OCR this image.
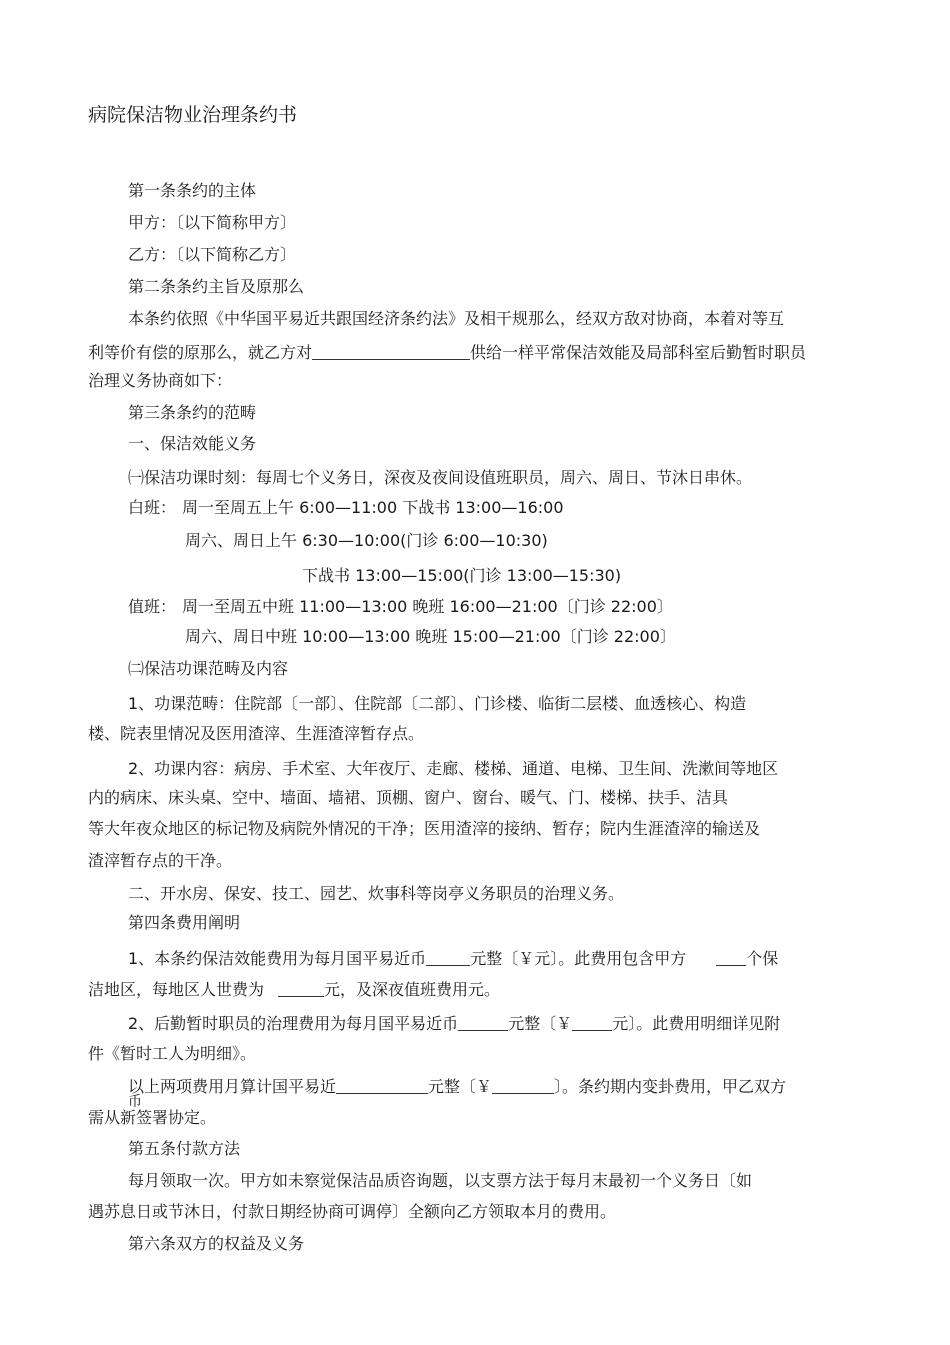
病院保洁物业治理条约书
第一条条约的主体
甲方：〔以下简称甲方〕
乙方：〔以下简称乙方〕
第二条条约主旨及原那么
本条约依照《中华国平易近共跟国经济条约法》及相干规那么，经双方敌对协商，本着对等互
利等价有偿的原那么，就乙方对	供给一样平常保洁效能及局部科室后勤暂时职员
治理义务协商如下：
第三条条约的范畴
一、保洁效能义务
㈠保洁功课时刻：每周七个义务日，深夜及夜间设值班职员，周六、周日、节沐日串休。
白班： 周一至周五上午 6:00—11:00 下战书 13:00—16:00
周六、周日上午 6:30—10:00(门诊 6:00—10:30)
下战书 13:00—15:00(门诊 13:00—15:30)
值班： 周一至周五中班 11:00—13:00 晚班 16:00—21:00〔门诊 22:00〕
周六、周日中班 10:00—13:00 晚班 15:00—21:00〔门诊 22:00〕
㈡保洁功课范畴及内容
1、功课范畴：住院部〔一部〕、住院部〔二部〕、门诊楼、临街二层楼、血透核心、构造
楼、院表里情况及医用渣滓、生涯渣滓暂存点。
2、功课内容：病房、手术室、大年夜厅、走廊、楼梯、通道、电梯、卫生间、洗漱间等地区
内的病床、床头桌、空中、墙面、墙裙、顶棚、窗户、窗台、暖气、门、楼梯、扶手、洁具
等大年夜众地区的标记物及病院外情况的干净；医用渣滓的接纳、暂存；院内生涯渣滓的输送及
渣滓暂存点的干净。
二、开水房、保安、技工、园艺、炊事科等岗亭义务职员的治理义务。
第四条费用阐明
1、本条约保洁效能费用为每月国平易近币	元整〔￥元〕。此费用包含甲方	个保
洁地区，每地区人世费为	元，及深夜值班费用元。
2、后勤暂时职员的治理费用为每月国平易近币	元整〔￥	元〕。此费用明细详见附
件《暂时工人为明细》。
以上两项费用月算计国平易近	元整〔￥	〕。条约期内变卦费用，甲乙双方
币
需从新签署协定。
第五条付款方法
每月领取一次。甲方如未察觉保洁品质咨询题，以支票方法于每月末最初一个义务日〔如
遇苏息日或节沐日，付款日期经协商可调停〕全额向乙方领取本月的费用。
第六条双方的权益及义务
